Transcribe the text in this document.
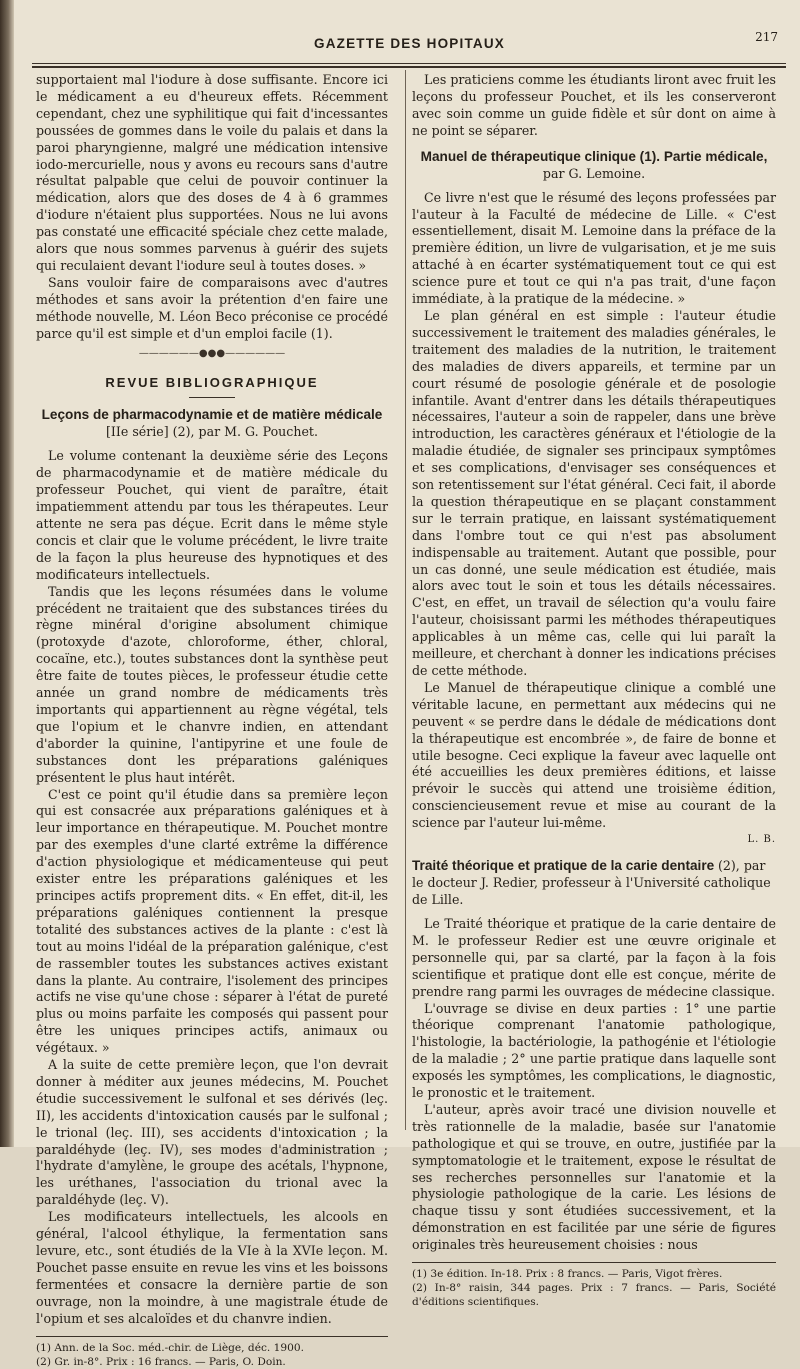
GAZETTE DES HOPITAUX	217

supportaient mal l'iodure à dose suffisante. Encore ici le médicament a eu d'heureux effets. Récemment cependant, chez une syphilitique qui fait d'incessantes poussées de gommes dans le voile du palais et dans la paroi pharyngienne, malgré une médication intensive iodo-mercurielle, nous y avons eu recours sans d'autre résultat palpable que celui de pouvoir continuer la médication, alors que des doses de 4 à 6 grammes d'iodure n'étaient plus supportées. Nous ne lui avons pas constaté une efficacité spéciale chez cette malade, alors que nous sommes parvenus à guérir des sujets qui reculaient devant l'iodure seul à toutes doses. »

Sans vouloir faire de comparaisons avec d'autres méthodes et sans avoir la prétention d'en faire une méthode nouvelle, M. Léon Beco préconise ce procédé parce qu'il est simple et d'un emploi facile (1).

——————●●●——————
REVUE BIBLIOGRAPHIQUE
Leçons de pharmacodynamie et de matière médicale
[IIe série] (2), par M. G. Pouchet.

Le volume contenant la deuxième série des Leçons de pharmacodynamie et de matière médicale du professeur Pouchet, qui vient de paraître, était impatiemment attendu par tous les thérapeutes. Leur attente ne sera pas déçue. Ecrit dans le même style concis et clair que le volume précédent, le livre traite de la façon la plus heureuse des hypnotiques et des modificateurs intellectuels.

Tandis que les leçons résumées dans le volume précédent ne traitaient que des substances tirées du règne minéral d'origine absolument chimique (protoxyde d'azote, chloroforme, éther, chloral, cocaïne, etc.), toutes substances dont la synthèse peut être faite de toutes pièces, le professeur étudie cette année un grand nombre de médicaments très importants qui appartiennent au règne végétal, tels que l'opium et le chanvre indien, en attendant d'aborder la quinine, l'antipyrine et une foule de substances dont les préparations galéniques présentent le plus haut intérêt.

C'est ce point qu'il étudie dans sa première leçon qui est consacrée aux préparations galéniques et à leur importance en thérapeutique. M. Pouchet montre par des exemples d'une clarté extrême la différence d'action physiologique et médicamenteuse qui peut exister entre les préparations galéniques et les principes actifs proprement dits. « En effet, dit-il, les préparations galéniques contiennent la presque totalité des substances actives de la plante : c'est là tout au moins l'idéal de la préparation galénique, c'est de rassembler toutes les substances actives existant dans la plante. Au contraire, l'isolement des principes actifs ne vise qu'une chose : séparer à l'état de pureté plus ou moins parfaite les composés qui passent pour être les uniques principes actifs, animaux ou végétaux. »

A la suite de cette première leçon, que l'on devrait donner à méditer aux jeunes médecins, M. Pouchet étudie successivement le sulfonal et ses dérivés (leç. II), les accidents d'intoxication causés par le sulfonal ; le trional (leç. III), ses accidents d'intoxication ; la paraldéhyde (leç. IV), ses modes d'administration ; l'hydrate d'amylène, le groupe des acétals, l'hypnone, les uréthanes, l'association du trional avec la paraldéhyde (leç. V).

Les modificateurs intellectuels, les alcools en général, l'alcool éthylique, la fermentation sans levure, etc., sont étudiés de la VIe à la XVIe leçon. M. Pouchet passe ensuite en revue les vins et les boissons fermentées et consacre la dernière partie de son ouvrage, non la moindre, à une magistrale étude de l'opium et ses alcaloïdes et du chanvre indien.

(1) Ann. de la Soc. méd.-chir. de Liège, déc. 1900.

(2) Gr. in-8°. Prix : 16 francs. — Paris, O. Doin.

Les praticiens comme les étudiants liront avec fruit les leçons du professeur Pouchet, et ils les conserveront avec soin comme un guide fidèle et sûr dont on aime à ne point se séparer.

Manuel de thérapeutique clinique (1). Partie médicale,
par G. Lemoine.

Ce livre n'est que le résumé des leçons professées par l'auteur à la Faculté de médecine de Lille. « C'est essentiellement, disait M. Lemoine dans la préface de la première édition, un livre de vulgarisation, et je me suis attaché à en écarter systématiquement tout ce qui est science pure et tout ce qui n'a pas trait, d'une façon immédiate, à la pratique de la médecine. »

Le plan général en est simple : l'auteur étudie successivement le traitement des maladies générales, le traitement des maladies de la nutrition, le traitement des maladies de divers appareils, et termine par un court résumé de posologie générale et de posologie infantile. Avant d'entrer dans les détails thérapeutiques nécessaires, l'auteur a soin de rappeler, dans une brève introduction, les caractères généraux et l'étiologie de la maladie étudiée, de signaler ses principaux symptômes et ses complications, d'envisager ses conséquences et son retentissement sur l'état général. Ceci fait, il aborde la question thérapeutique en se plaçant constamment sur le terrain pratique, en laissant systématiquement dans l'ombre tout ce qui n'est pas absolument indispensable au traitement. Autant que possible, pour un cas donné, une seule médication est étudiée, mais alors avec tout le soin et tous les détails nécessaires. C'est, en effet, un travail de sélection qu'a voulu faire l'auteur, choisissant parmi les méthodes thérapeutiques applicables à un même cas, celle qui lui paraît la meilleure, et cherchant à donner les indications précises de cette méthode.

Le Manuel de thérapeutique clinique a comblé une véritable lacune, en permettant aux médecins qui ne peuvent « se perdre dans le dédale de médications dont la thérapeutique est encombrée », de faire de bonne et utile besogne. Ceci explique la faveur avec laquelle ont été accueillies les deux premières éditions, et laisse prévoir le succès qui attend une troisième édition, consciencieusement revue et mise au courant de la science par l'auteur lui-même.

L. B.
Traité théorique et pratique de la carie dentaire (2), par le docteur J. Redier, professeur à l'Université catholique de Lille.

Le Traité théorique et pratique de la carie dentaire de M. le professeur Redier est une œuvre originale et personnelle qui, par sa clarté, par la façon à la fois scientifique et pratique dont elle est conçue, mérite de prendre rang parmi les ouvrages de médecine classique.

L'ouvrage se divise en deux parties : 1° une partie théorique comprenant l'anatomie pathologique, l'histologie, la bactériologie, la pathogénie et l'étiologie de la maladie ; 2° une partie pratique dans laquelle sont exposés les symptômes, les complications, le diagnostic, le pronostic et le traitement.

L'auteur, après avoir tracé une division nouvelle et très rationnelle de la maladie, basée sur l'anatomie pathologique et qui se trouve, en outre, justifiée par la symptomatologie et le traitement, expose le résultat de ses recherches personnelles sur l'anatomie et la physiologie pathologique de la carie. Les lésions de chaque tissu y sont étudiées successivement, et la démonstration en est facilitée par une série de figures originales très heureusement choisies : nous

(1) 3e édition. In-18. Prix : 8 francs. — Paris, Vigot frères.

(2) In-8° raisin, 344 pages. Prix : 7 francs. — Paris, Société d'éditions scientifiques.
